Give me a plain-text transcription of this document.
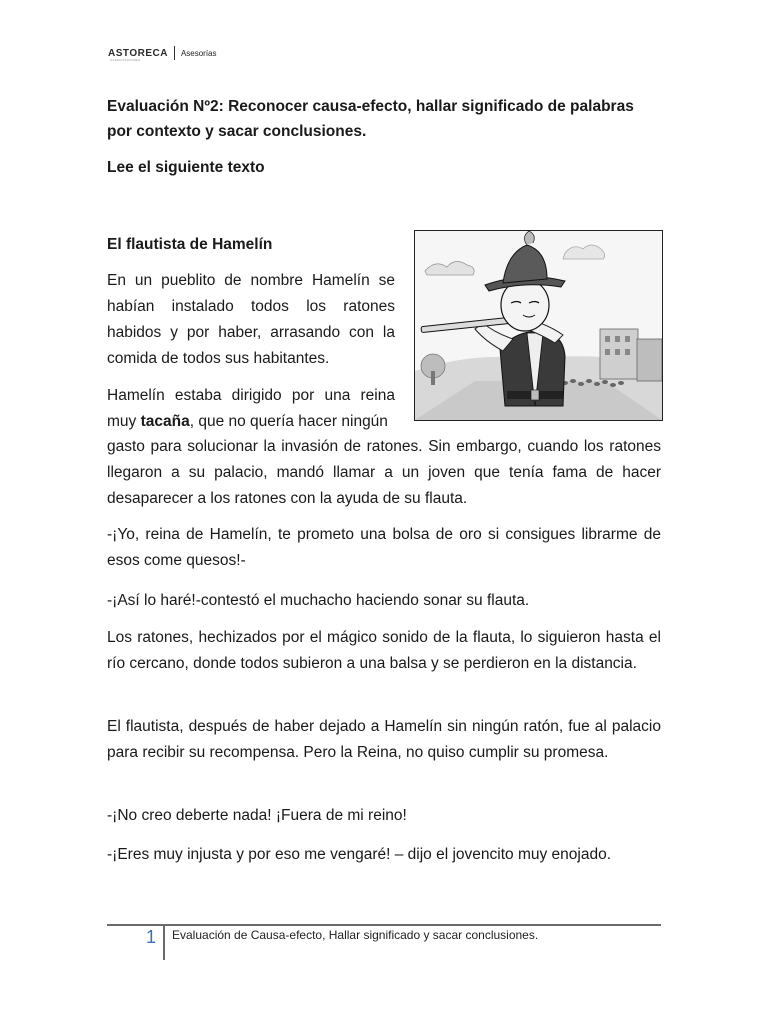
ASTORECA Asesorías
CAPACITACIONES
Evaluación Nº2: Reconocer causa-efecto, hallar significado de palabras por contexto y sacar conclusiones.
Lee el siguiente texto
El flautista de Hamelín

En un pueblito de nombre Hamelín se habían instalado todos los ratones habidos y por haber, arrasando con la comida de todos sus habitantes.

Hamelín estaba dirigido por una reina muy tacaña, que no quería hacer ningún

gasto para solucionar la invasión de ratones. Sin embargo, cuando los ratones llegaron a su palacio, mandó llamar a un joven que tenía fama de hacer desaparecer a los ratones con la ayuda de su flauta.

-¡Yo, reina de Hamelín, te prometo una bolsa de oro si consigues librarme de esos come quesos!-

-¡Así lo haré!-contestó el muchacho haciendo sonar su flauta.

Los ratones, hechizados por el mágico sonido de la flauta, lo siguieron hasta el río cercano, donde todos subieron a una balsa y se perdieron en la distancia.

El flautista, después de haber dejado a Hamelín sin ningún ratón, fue al palacio para recibir su recompensa. Pero la Reina, no quiso cumplir su promesa.

-¡No creo deberte nada! ¡Fuera de mi reino!

-¡Eres muy injusta y por eso me vengaré! – dijo el jovencito muy enojado.

1 Evaluación de Causa-efecto, Hallar significado y sacar conclusiones.
